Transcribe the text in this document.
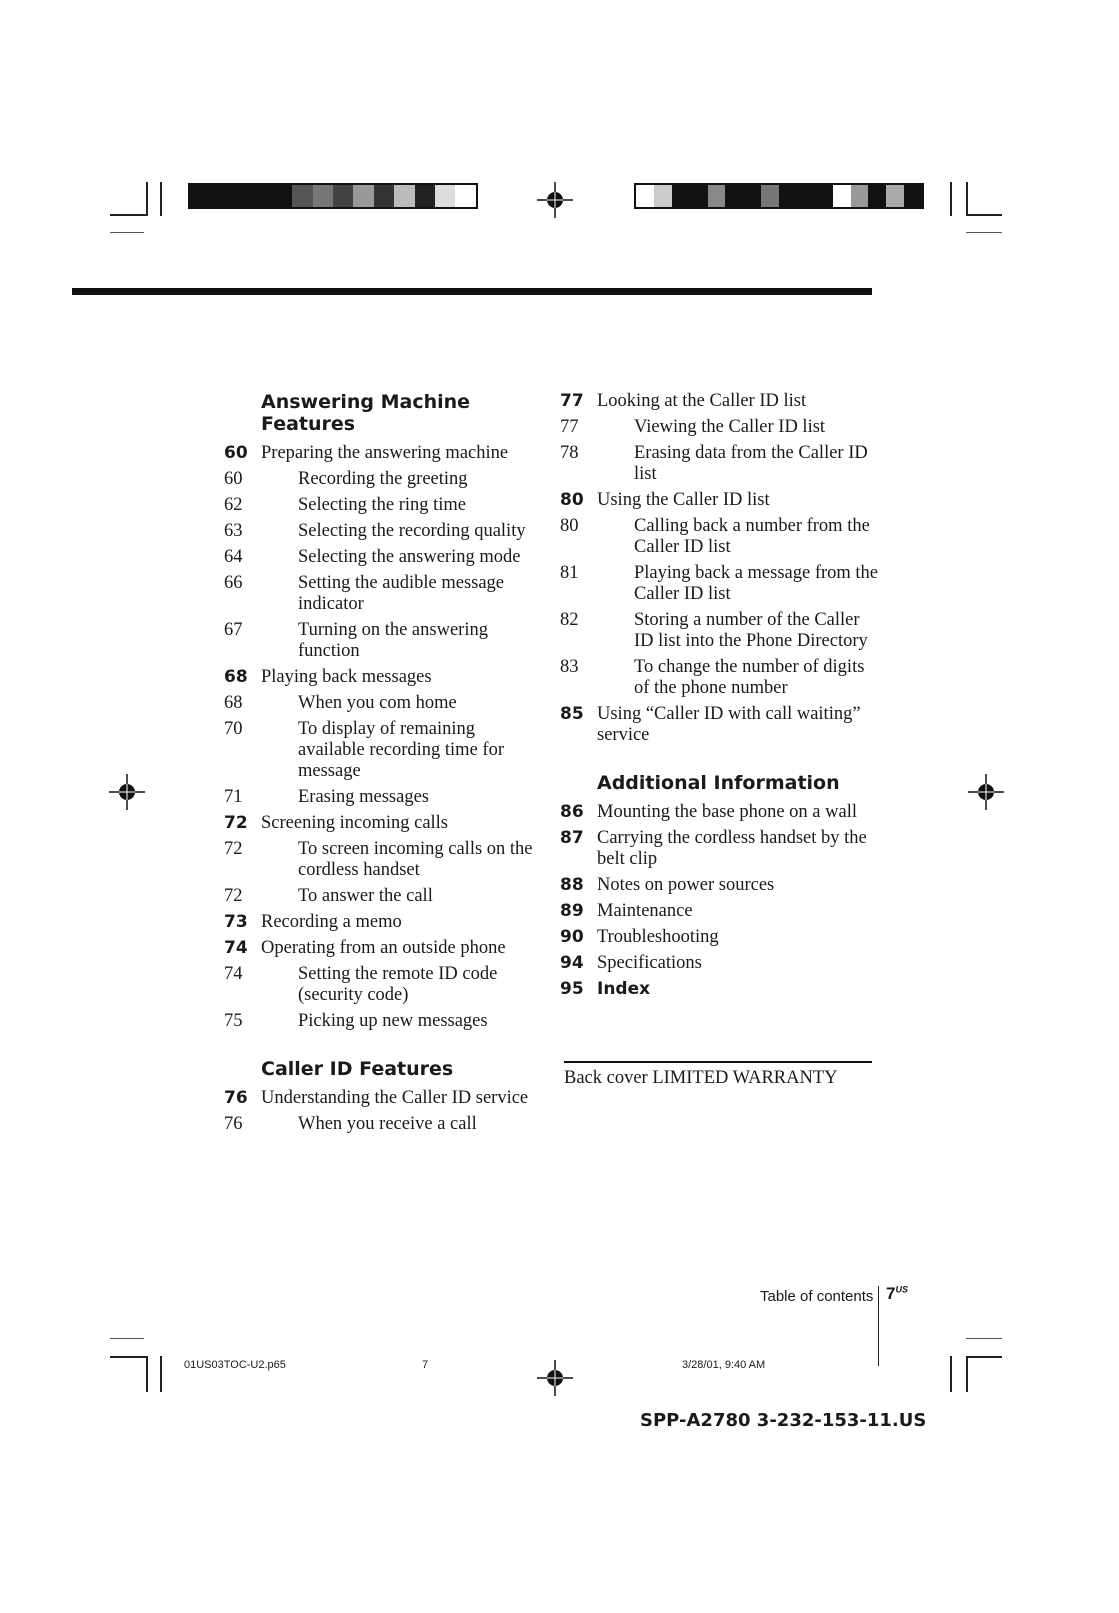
Answering Machine Features
60 Preparing the answering machine
60	Recording the greeting
62	Selecting the ring time
63	Selecting the recording quality
64	Selecting the answering mode
66	Setting the audible message indicator
67	Turning on the answering function
68 Playing back messages
68	When you com home
70	To display of remaining available recording time for message
71	Erasing messages
72 Screening incoming calls
72	To screen incoming calls on the cordless handset
72	To answer the call
73 Recording a memo
74 Operating from an outside phone
74	Setting the remote ID code (security code)
75	Picking up new messages
Caller ID Features
76 Understanding the Caller ID service
76	When you receive a call
77 Looking at the Caller ID list
77	Viewing the Caller ID list
78	Erasing data from the Caller ID list
80 Using the Caller ID list
80	Calling back a number from the Caller ID list
81	Playing back a message from the Caller ID list
82	Storing a number of the Caller ID list into the Phone Directory
83	To change the number of digits of the phone number
85 Using “Caller ID with call waiting” service
Additional Information
86 Mounting the base phone on a wall
87 Carrying the cordless handset by the belt clip
88 Notes on power sources
89 Maintenance
90 Troubleshooting
94 Specifications
95 Index
Back cover LIMITED WARRANTY
Table of contents $7^{US}$
01US03TOC-U2.p65	7	3/28/01, 9:40 AM
SPP-A2780 3-232-153-11.US
